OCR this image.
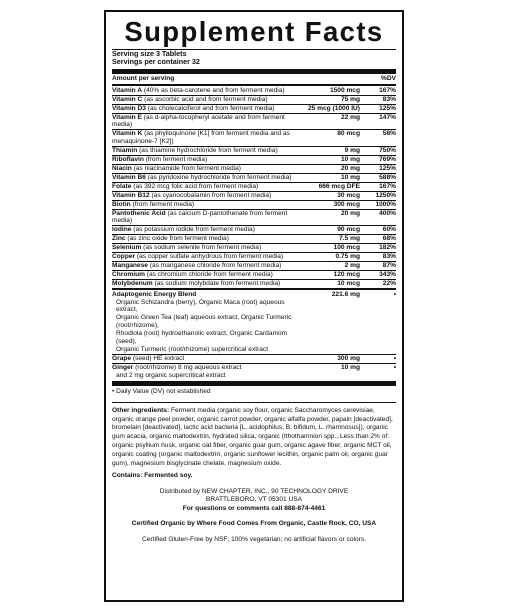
Supplement Facts
Serving size 3 Tablets
Servings per container 32
Amount per serving	%DV
Vitamin A (40% as beta-carotene and from ferment media)	1500 mcg	167%
Vitamin C (as ascorbic acid and from ferment media)	75 mg	83%
Vitamin D3 (as cholecalciferol and from ferment media)	25 mcg (1000 IU)	125%
Vitamin E (as d-alpha-tocopheryl acetate and from ferment media)
22 mg	147%
Vitamin K (as phylloquinone [K1] from ferment media and as menaquinone-7 [K2])
80 mcg	58%
Thiamin (as thiamine hydrochloride from ferment media)	9 mg	750%
Riboflavin (from ferment media)	10 mg	769%
Niacin (as niacinamide from ferment media)	20 mg	125%
Vitamin B6 (as pyridoxine hydrochloride from ferment media)	10 mg	588%
Folate (as 392 mcg folic acid from ferment media)	666 mcg DFE	167%
Vitamin B12 (as cyanocobalamin from ferment media)	30 mcg	1250%
Biotin (from ferment media)	300 mcg	1000%
Pantothenic Acid (as calcium D-pantothenate from ferment media)
20 mg	400%
Iodine (as potassium iodide from ferment media)	90 mcg	60%
Zinc (as zinc oxide from ferment media)	7.5 mg	68%
Selenium (as sodium selenite from ferment media)	100 mcg	182%
Copper (as copper sulfate anhydrous from ferment media)	0.75 mg	83%
Manganese (as manganese chloride from ferment media)	2 mg	87%
Chromium (as chromium chloride from ferment media)	120 mcg	343%
Molybdenum (as sodium molybdate from ferment media)	10 mcg	22%
Adaptogenic Energy Blend
Organic Schizandra (berry), Organic Maca (root) aqueous extract,
Organic Green Tea (leaf) aqueous extract, Organic Turmeric (root/rhizome),
Rhodiola (root) hydroethanolic extract, Organic Cardamom (seed),
Organic Turmeric (root/rhizome) supercritical extract
221.6 mg	•
Grape (seed) HE extract	300 mg	•
Ginger (root/rhizome) 8 mg aqueous extract
and 2 mg organic supercritical extract
10 mg	•
• Daily Value (DV) not established
Other ingredients: Ferment media (organic soy flour, organic Saccharomyces cerevisiae, organic orange peel powder, organic carrot powder, organic alfalfa powder, papain [deactivated], bromelain [deactivated], lactic acid bacteria [L. acidophilus, B. bifidum, L. rhamnosus]), organic gum acacia, organic maltodextrin, hydrated silica, organic (Ithothamnion spp., Less than 2% of: organic psyllium husk, organic oat fiber, organic guar gum, organic agave fiber, organic MCT oil, organic coating (organic maltodextrin, organic sunflower lecithin, organic palm oil, organic guar gum), magnesium bisglycinate chelate, magnesium oxide.
Contains: Fermented soy.
Distributed by NEW CHAPTER, INC., 90 TECHNOLOGY DRIVE
BRATTLEBORO, VT 05301 USA
For questions or comments call 888-874-4461
Certified Organic by Where Food Comes From Organic, Castle Rock, CO, USA
Certified Gluten-Free by NSF; 100% vegetarian; no artificial flavors or colors.
